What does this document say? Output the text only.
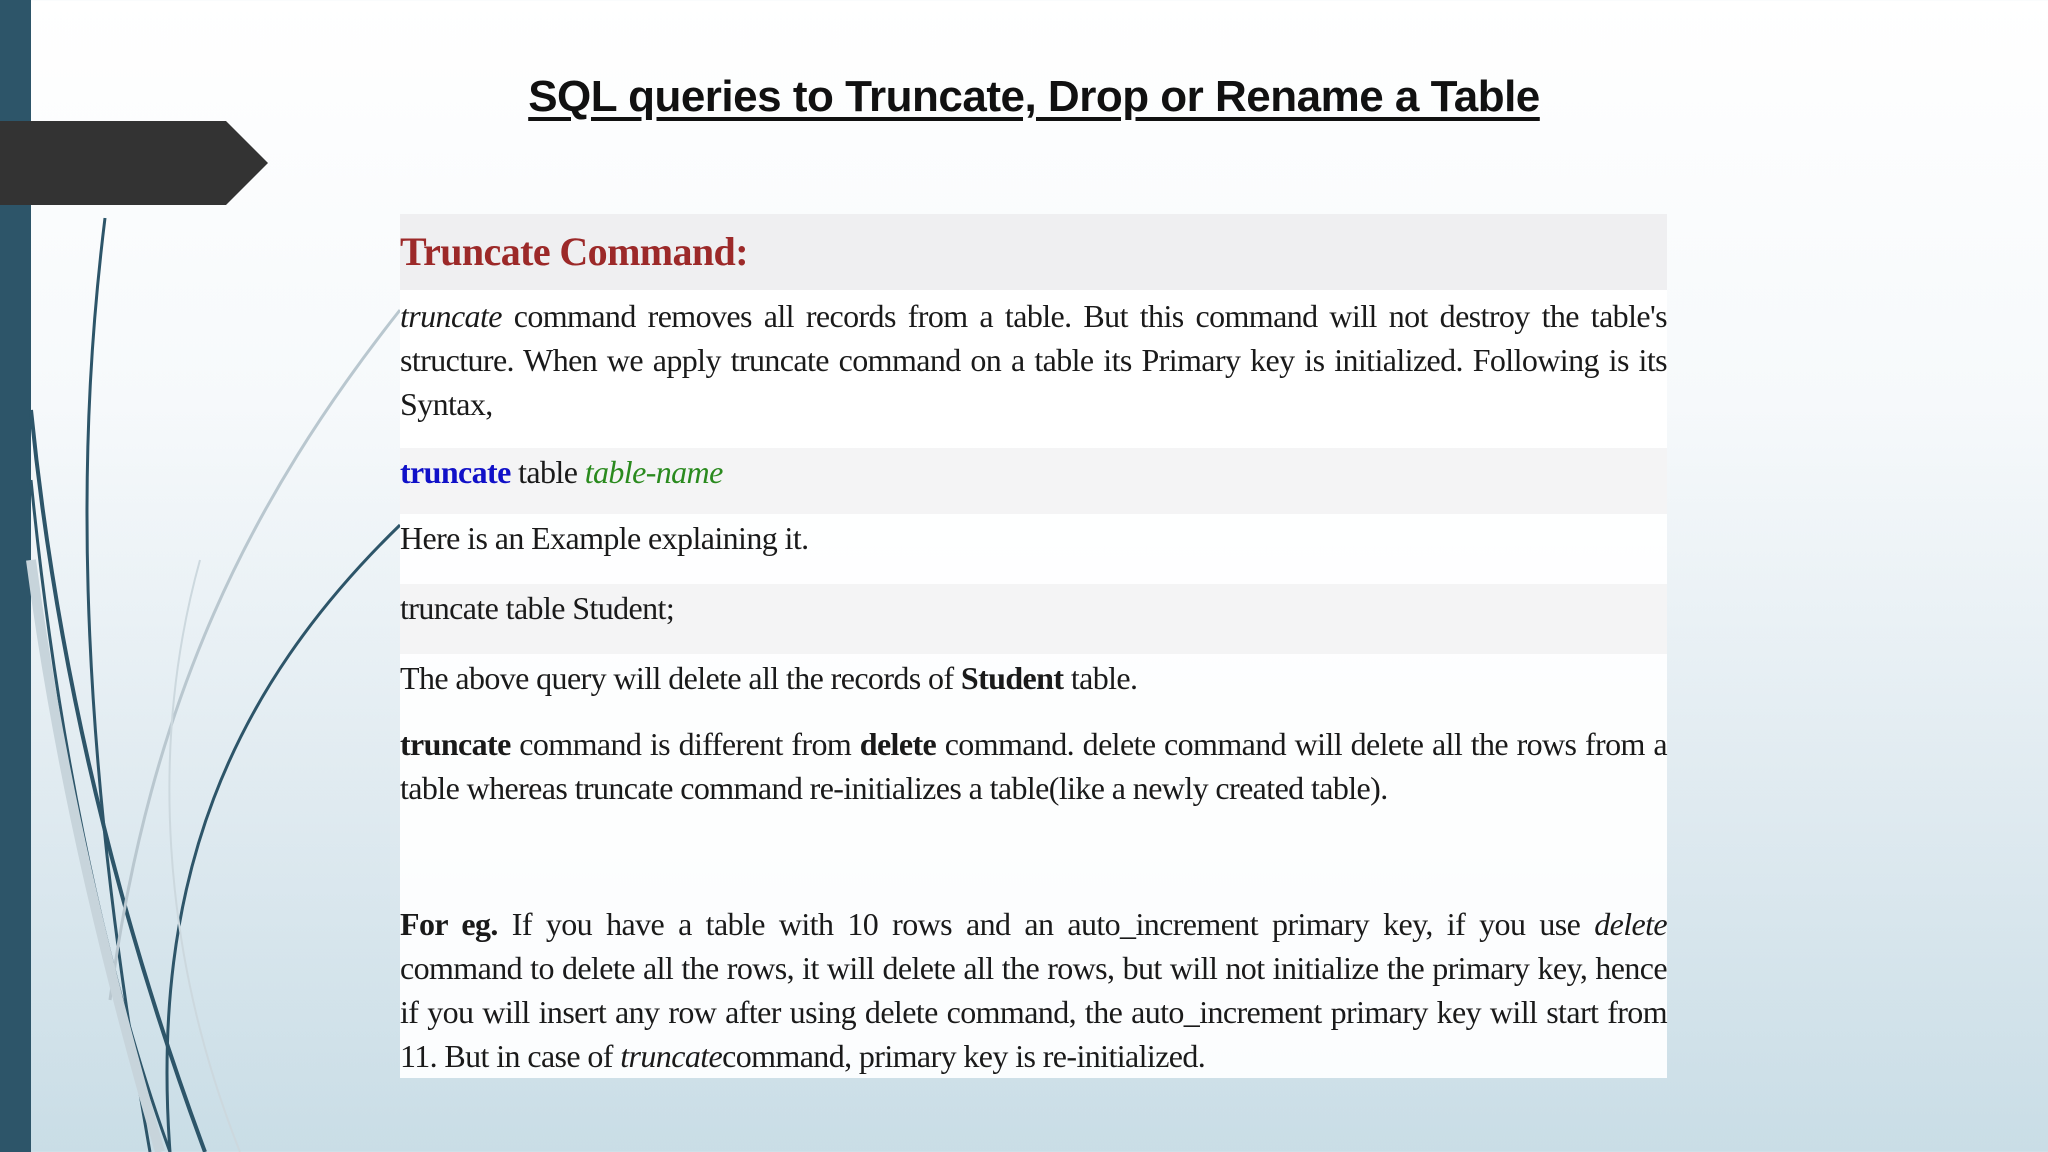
SQL queries to Truncate, Drop or Rename a Table
Truncate Command:

truncate command removes all records from a table. But this command will not destroy the table's structure. When we apply truncate command on a table its Primary key is initialized. Following is its Syntax,

truncate table table-name

Here is an Example explaining it.

truncate table Student;

The above query will delete all the records of Student table.

truncate command is different from delete command. delete command will delete all the rows from a table whereas truncate command re-initializes a table(like a newly created table).

For eg. If you have a table with 10 rows and an auto_increment primary key, if you use delete command to delete all the rows, it will delete all the rows, but will not initialize the primary key, hence if you will insert any row after using delete command, the auto_increment primary key will start from 11. But in case of truncatecommand, primary key is re-initialized.
